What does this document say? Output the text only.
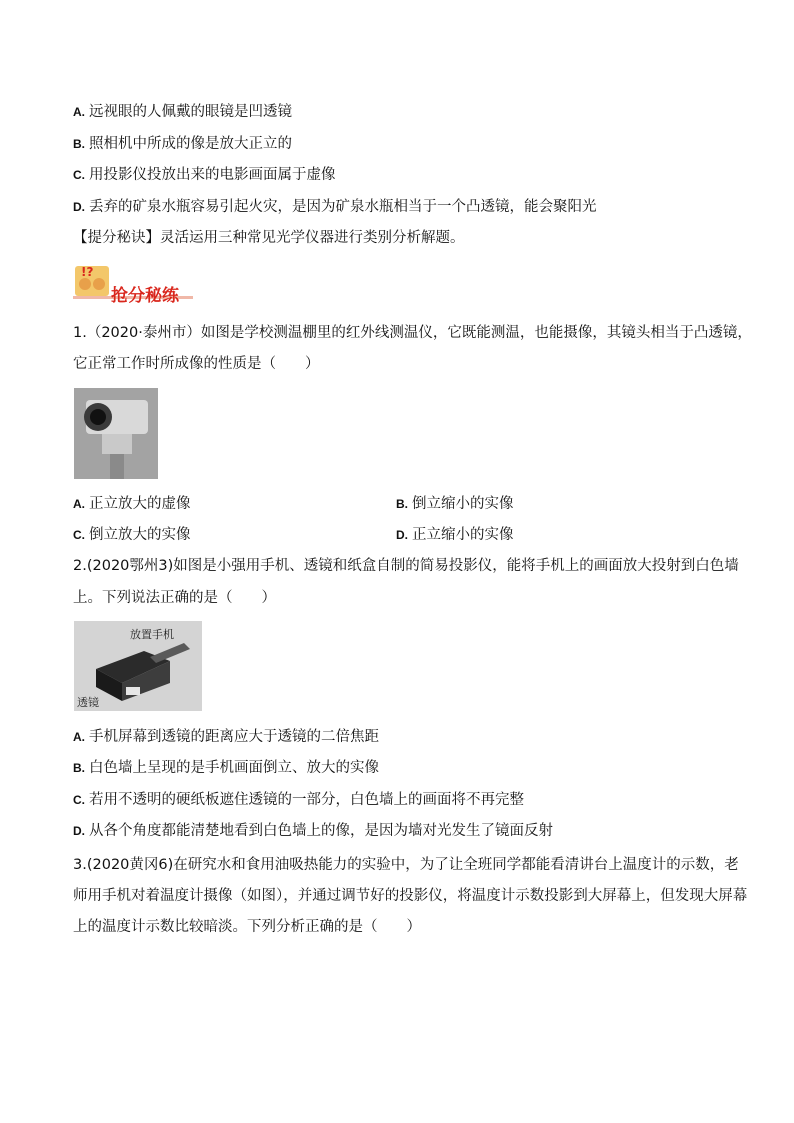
A. 远视眼的人佩戴的眼镜是凹透镜
B. 照相机中所成的像是放大正立的
C. 用投影仪投放出来的电影画面属于虚像
D. 丢弃的矿泉水瓶容易引起火灾，是因为矿泉水瓶相当于一个凸透镜，能会聚阳光
【提分秘诀】灵活运用三种常见光学仪器进行类别分析解题。
!?
抢分秘练
1.（2020·泰州市）如图是学校测温棚里的红外线测温仪，它既能测温，也能摄像，其镜头相当于凸透镜，
它正常工作时所成像的性质是（　　）
A. 正立放大的虚像	B. 倒立缩小的实像
C. 倒立放大的实像	D. 正立缩小的实像
2.(2020鄂州3)如图是小强用手机、透镜和纸盒自制的简易投影仪，能将手机上的画面放大投射到白色墙
上。下列说法正确的是（　　）
放置手机
透镜
A. 手机屏幕到透镜的距离应大于透镜的二倍焦距
B. 白色墙上呈现的是手机画面倒立、放大的实像
C. 若用不透明的硬纸板遮住透镜的一部分，白色墙上的画面将不再完整
D. 从各个角度都能清楚地看到白色墙上的像，是因为墙对光发生了镜面反射
3.(2020黄冈6)在研究水和食用油吸热能力的实验中，为了让全班同学都能看清讲台上温度计的示数，老
师用手机对着温度计摄像（如图），并通过调节好的投影仪，将温度计示数投影到大屏幕上，但发现大屏幕
上的温度计示数比较暗淡。下列分析正确的是（　　）
